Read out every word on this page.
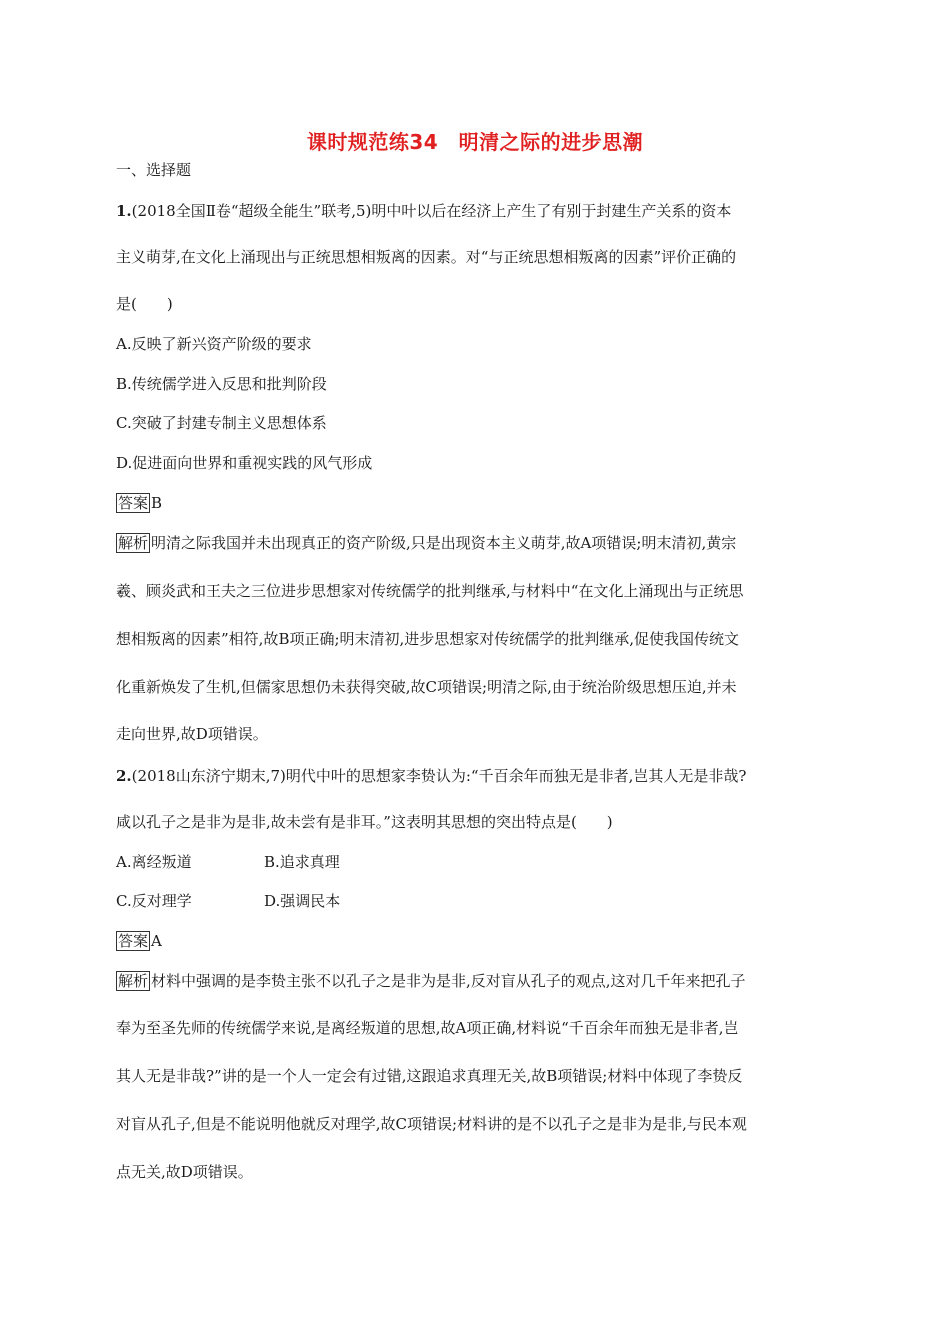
课时规范练34　明清之际的进步思潮
一、选择题
1.(2018全国Ⅱ卷“超级全能生”联考,5)明中叶以后在经济上产生了有别于封建生产关系的资本
主义萌芽,在文化上涌现出与正统思想相叛离的因素。对“与正统思想相叛离的因素”评价正确的
是(　　)
A.反映了新兴资产阶级的要求
B.传统儒学进入反思和批判阶段
C.突破了封建专制主义思想体系
D.促进面向世界和重视实践的风气形成
答案 B
解析 明清之际我国并未出现真正的资产阶级,只是出现资本主义萌芽,故A项错误;明末清初,黄宗
羲、顾炎武和王夫之三位进步思想家对传统儒学的批判继承,与材料中“在文化上涌现出与正统思
想相叛离的因素”相符,故B项正确;明末清初,进步思想家对传统儒学的批判继承,促使我国传统文
化重新焕发了生机,但儒家思想仍未获得突破,故C项错误;明清之际,由于统治阶级思想压迫,并未
走向世界,故D项错误。
2.(2018山东济宁期末,7)明代中叶的思想家李贽认为:“千百余年而独无是非者,岂其人无是非哉?
咸以孔子之是非为是非,故未尝有是非耳。”这表明其思想的突出特点是(　　)
A.离经叛道	B.追求真理
C.反对理学	D.强调民本
答案 A
解析 材料中强调的是李贽主张不以孔子之是非为是非,反对盲从孔子的观点,这对几千年来把孔子
奉为至圣先师的传统儒学来说,是离经叛道的思想,故A项正确,材料说“千百余年而独无是非者,岂
其人无是非哉?”讲的是一个人一定会有过错,这跟追求真理无关,故B项错误;材料中体现了李贽反
对盲从孔子,但是不能说明他就反对理学,故C项错误;材料讲的是不以孔子之是非为是非,与民本观
点无关,故D项错误。
